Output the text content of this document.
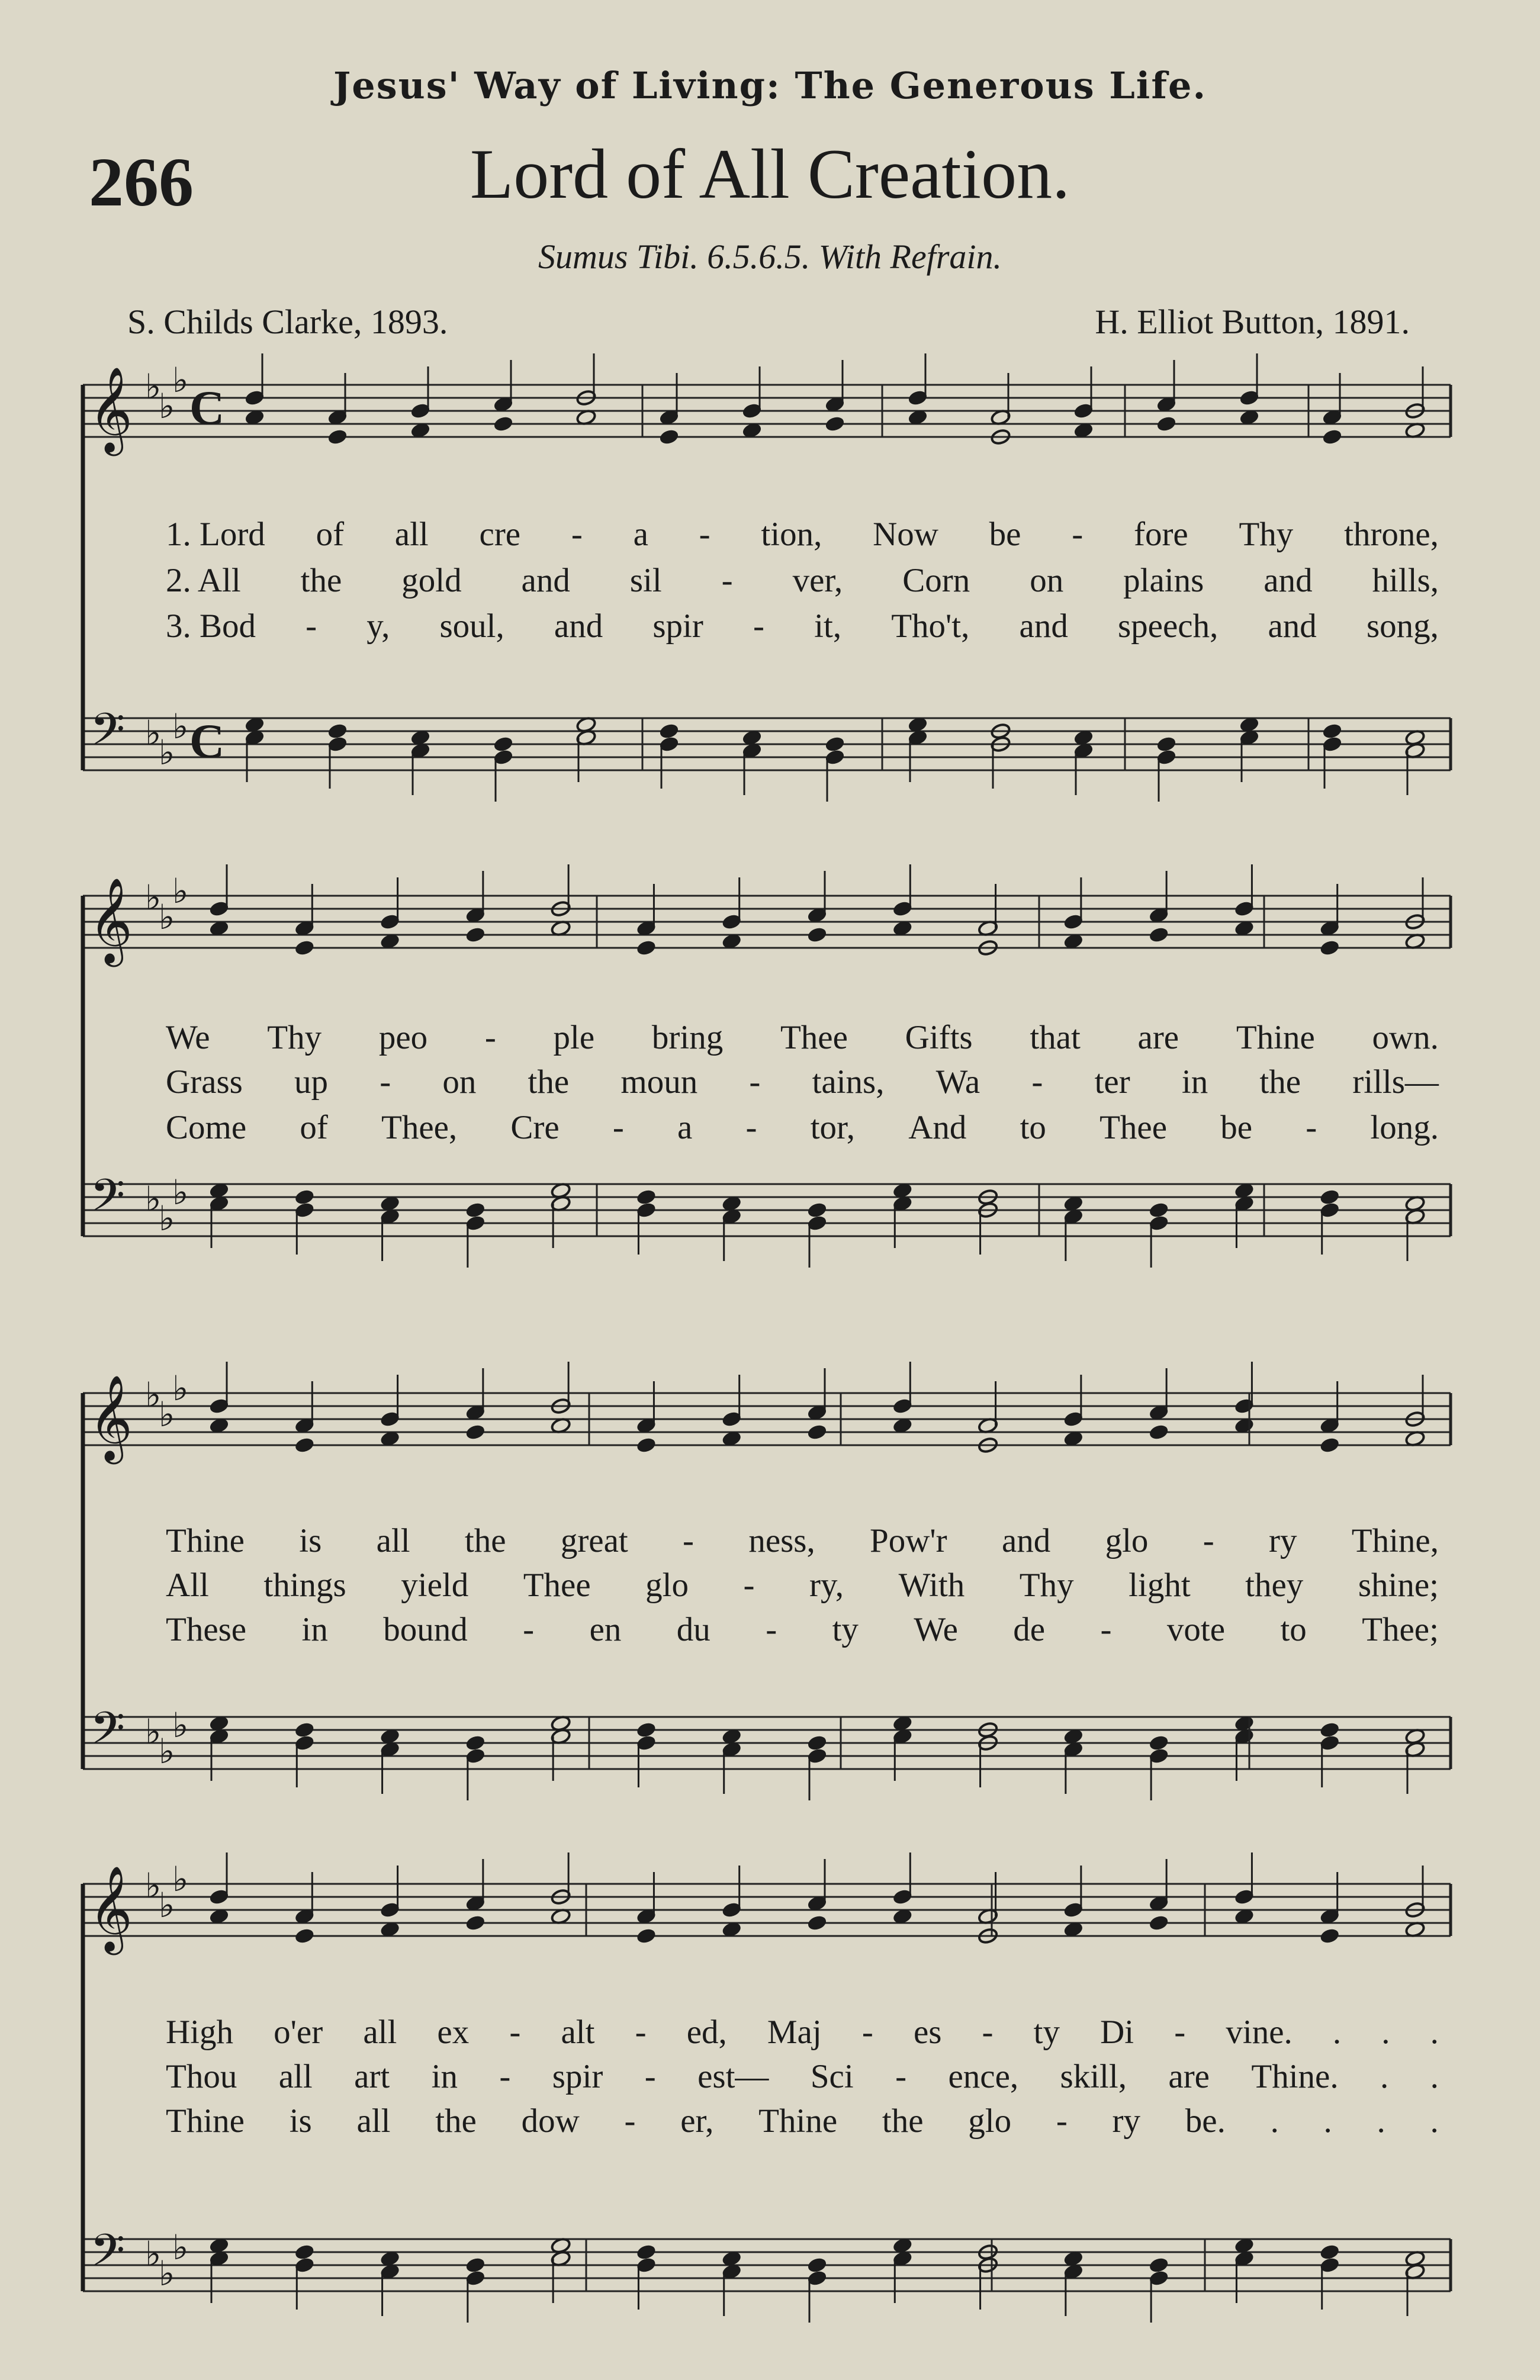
Jesus' Way of Living: The Generous Life.
266	Lord of All Creation.
Sumus Tibi. 6.5.6.5. With Refrain.
S. Childs Clarke, 1893.	H. Elliot Button, 1891.
𝄞
𝄢
♭
♭
♭
♭
♭
♭
C
C
𝄞
𝄢
♭
♭
♭
♭
♭
♭
𝄞
𝄢
♭
♭
♭
♭
♭
♭
𝄞
𝄢
♭
♭
♭
♭
♭
♭
1. Lord of all cre - a - tion, Now be - fore Thy throne,
2. All the gold and sil - ver, Corn on plains and hills,
3. Bod - y, soul, and spir - it, Tho't, and speech, and song,
We Thy peo - ple bring Thee Gifts that are Thine own.
Grass up - on the moun - tains, Wa - ter in the rills—
Come of Thee, Cre - a - tor, And to Thee be - long.
Thine is all the great - ness, Pow'r and glo - ry Thine,
All things yield Thee glo - ry, With Thy light they shine;
These in bound - en du - ty We de - vote to Thee;
High o'er all ex - alt - ed, Maj - es - ty Di - vine. . . .
Thou all art in - spir - est— Sci - ence, skill, are Thine. . .
Thine is all the dow - er, Thine the glo - ry be. . . . .
